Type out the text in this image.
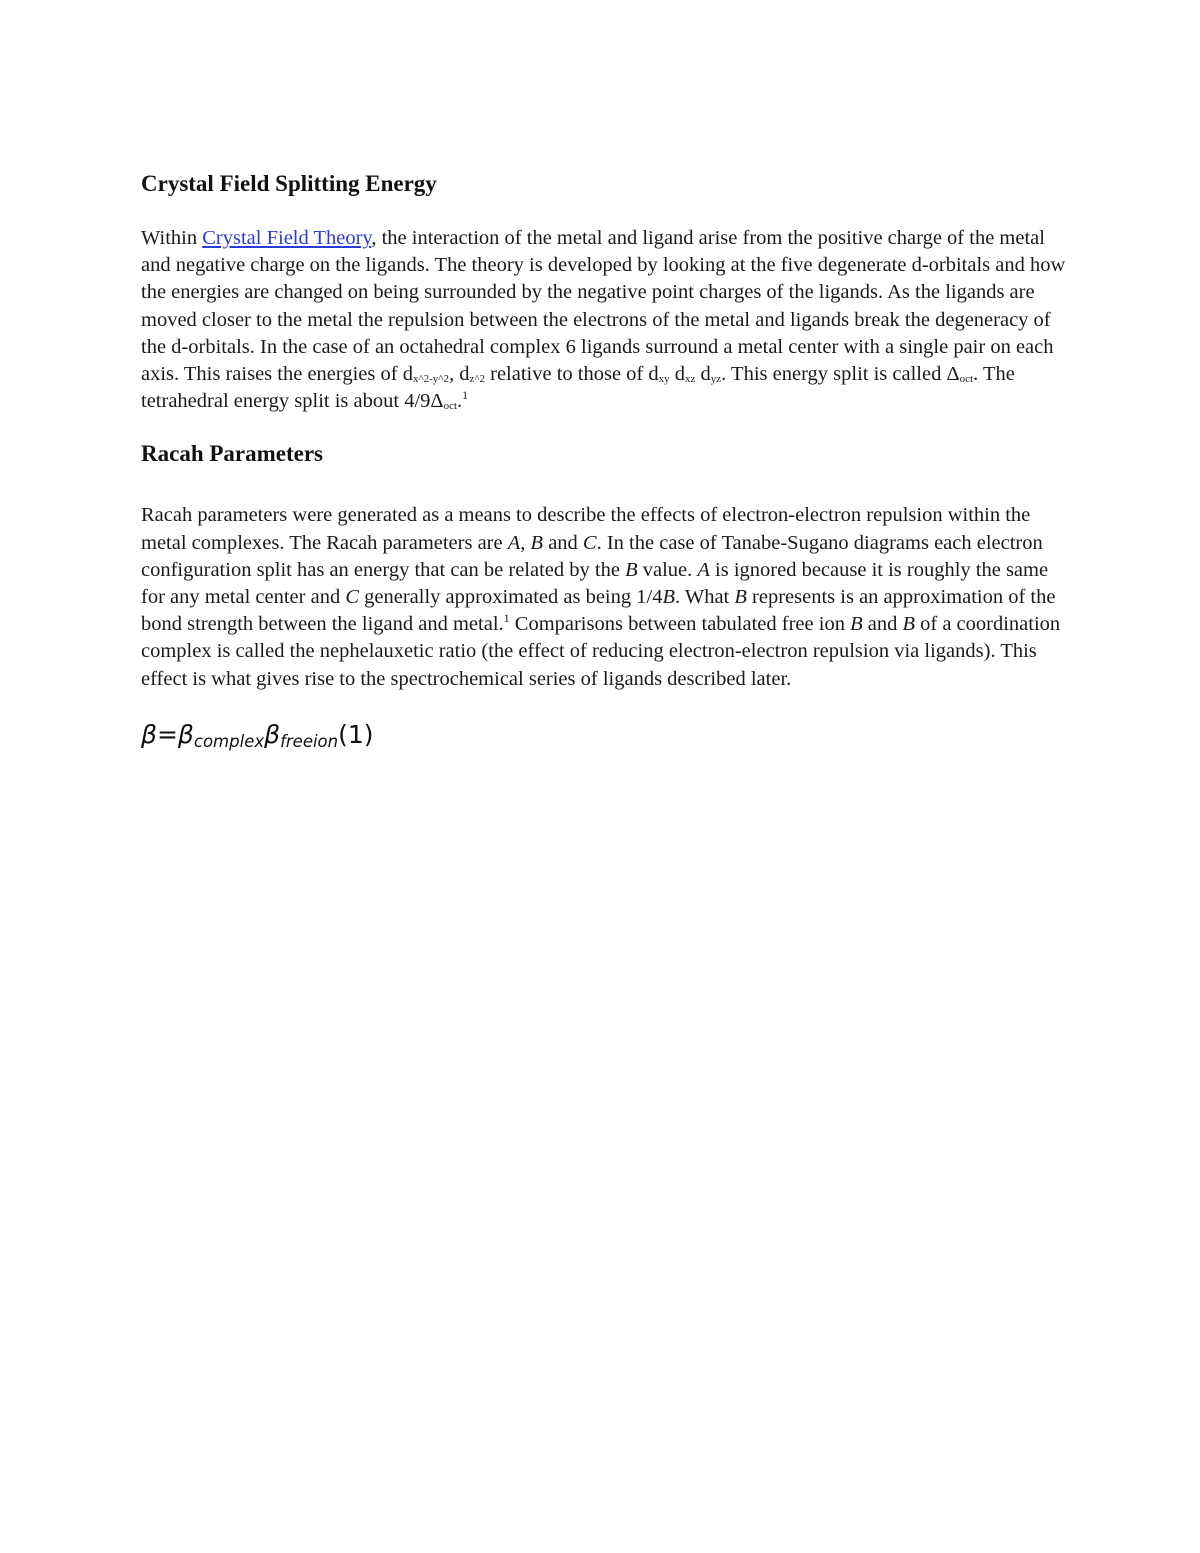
Crystal Field Splitting Energy

Within Crystal Field Theory, the interaction of the metal and ligand arise from the positive charge of the metal and negative charge on the ligands. The theory is developed by looking at the five degenerate d-orbitals and how the energies are changed on being surrounded by the negative point charges of the ligands. As the ligands are moved closer to the metal the repulsion between the electrons of the metal and ligands break the degeneracy of the d-orbitals. In the case of an octahedral complex 6 ligands surround a metal center with a single pair on each axis. This raises the energies of $d_{x\^{}2-y\^{}2}$, $d_{z\^{}2}$ relative to those of $d_{xy}$ $d_{xz}$ $d_{yz}$. This energy split is called $\Delta_{oct}$. The tetrahedral energy split is about $4/9\Delta_{oct}.^1$

Racah Parameters

Racah parameters were generated as a means to describe the effects of electron-electron repulsion within the metal complexes. The Racah parameters are A, B and C. In the case of Tanabe-Sugano diagrams each electron configuration split has an energy that can be related by the B value. A is ignored because it is roughly the same for any metal center and C generally approximated as being 1/4B. What B represents is an approximation of the bond strength between the ligand and metal.$^1$ Comparisons between tabulated free ion B and B of a coordination complex is called the nephelauxetic ratio (the effect of reducing electron-electron repulsion via ligands). This effect is what gives rise to the spectrochemical series of ligands described later.

β=βcomplexβfreeion(1)
